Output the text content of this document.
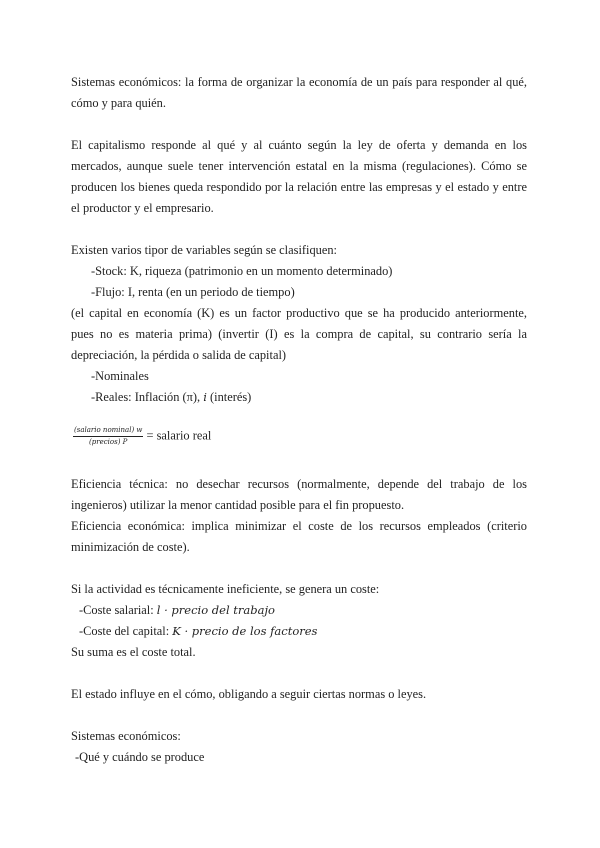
Sistemas económicos: la forma de organizar la economía de un país para responder al qué, cómo y para quién.

El capitalismo responde al qué y al cuánto según la ley de oferta y demanda en los mercados, aunque suele tener intervención estatal en la misma (regulaciones). Cómo se producen los bienes queda respondido por la relación entre las empresas y el estado y entre el productor y el empresario.

Existen varios tipor de variables según se clasifiquen:
-Stock: K, riqueza (patrimonio en un momento determinado)
-Flujo: I, renta (en un periodo de tiempo)

(el capital en economía (K) es un factor productivo que se ha producido anteriormente, pues no es materia prima) (invertir (I) es la compra de capital, su contrario sería la depreciación, la pérdida o salida de capital)

-Nominales
-Reales: Inflación (π), i (interés)
$\frac{\text{(salario nominal) w}}{\text{(precios) P}}$ = salario real

Eficiencia técnica: no desechar recursos (normalmente, depende del trabajo de los ingenieros) utilizar la menor cantidad posible para el fin propuesto.

Eficiencia económica: implica minimizar el coste de los recursos empleados (criterio minimización de coste).

Si la actividad es técnicamente ineficiente, se genera un coste:
-Coste salarial: l · precio del trabajo
-Coste del capital: K · precio de los factores
Su suma es el coste total.

El estado influye en el cómo, obligando a seguir ciertas normas o leyes.

Sistemas económicos:
-Qué y cuándo se produce
